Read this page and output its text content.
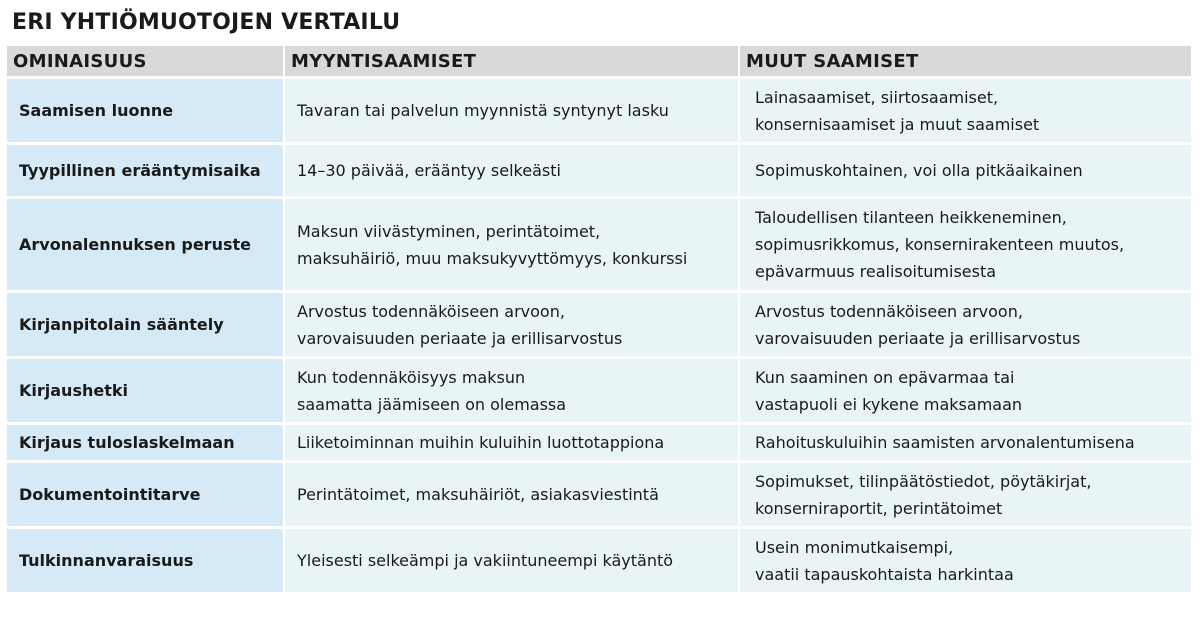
ERI YHTIÖMUOTOJEN VERTAILU
OMINAISUUS	MYYNTISAAMISET	MUUT SAAMISET
Saamisen luonne	Tavaran tai palvelun myynnistä syntynyt lasku	Lainasaamiset, siirtosaamiset,
konsernisaamiset ja muut saamiset

Tyypillinen erääntymisaika	14–30 päivää, erääntyy selkeästi	Sopimuskohtainen, voi olla pitkäaikainen

Arvonalennuksen peruste	Maksun viivästyminen, perintätoimet,
maksuhäiriö, muu maksukyvyttömyys, konkurssi	Taloudellisen tilanteen heikkeneminen,
sopimusrikkomus, konsernirakenteen muutos,
epävarmuus realisoitumisesta

Kirjanpitolain sääntely	Arvostus todennäköiseen arvoon,
varovaisuuden periaate ja erillisarvostus	Arvostus todennäköiseen arvoon,
varovaisuuden periaate ja erillisarvostus

Kirjaushetki	Kun todennäköisyys maksun
saamatta jäämiseen on olemassa	Kun saaminen on epävarmaa tai
vastapuoli ei kykene maksamaan

Kirjaus tuloslaskelmaan	Liiketoiminnan muihin kuluihin luottotappiona	Rahoituskuluihin saamisten arvonalentumisena

Dokumentointitarve	Perintätoimet, maksuhäiriöt, asiakasviestintä	Sopimukset, tilinpäätöstiedot, pöytäkirjat,
konserniraportit, perintätoimet

Tulkinnanvaraisuus	Yleisesti selkeämpi ja vakiintuneempi käytäntö	Usein monimutkaisempi,
vaatii tapauskohtaista harkintaa
